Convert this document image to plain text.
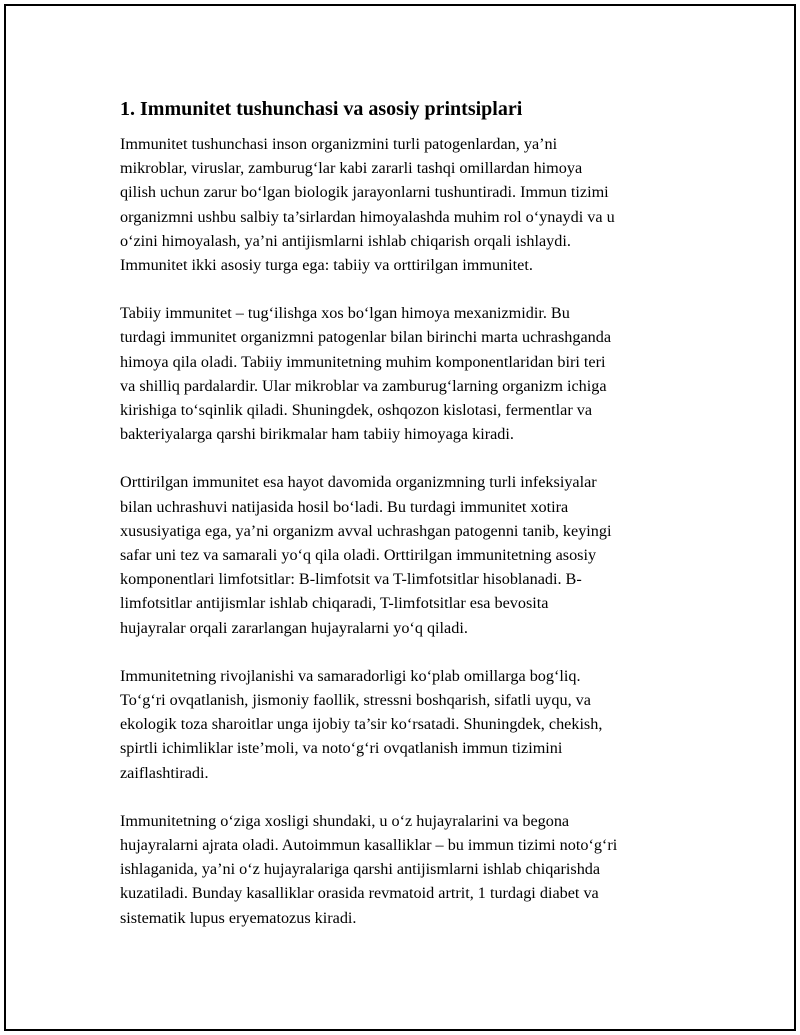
1. Immunitet tushunchasi va asosiy printsiplari

Immunitet tushunchasi inson organizmini turli patogenlardan, ya’ni
mikroblar, viruslar, zamburug‘lar kabi zararli tashqi omillardan himoya
qilish uchun zarur bo‘lgan biologik jarayonlarni tushuntiradi. Immun tizimi
organizmni ushbu salbiy ta’sirlardan himoyalashda muhim rol o‘ynaydi va u
o‘zini himoyalash, ya’ni antijismlarni ishlab chiqarish orqali ishlaydi.
Immunitet ikki asosiy turga ega: tabiiy va orttirilgan immunitet.

Tabiiy immunitet – tug‘ilishga xos bo‘lgan himoya mexanizmidir. Bu
turdagi immunitet organizmni patogenlar bilan birinchi marta uchrashganda
himoya qila oladi. Tabiiy immunitetning muhim komponentlaridan biri teri
va shilliq pardalardir. Ular mikroblar va zamburug‘larning organizm ichiga
kirishiga to‘sqinlik qiladi. Shuningdek, oshqozon kislotasi, fermentlar va
bakteriyalarga qarshi birikmalar ham tabiiy himoyaga kiradi.

Orttirilgan immunitet esa hayot davomida organizmning turli infeksiyalar
bilan uchrashuvi natijasida hosil bo‘ladi. Bu turdagi immunitet xotira
xususiyatiga ega, ya’ni organizm avval uchrashgan patogenni tanib, keyingi
safar uni tez va samarali yo‘q qila oladi. Orttirilgan immunitetning asosiy
komponentlari limfotsitlar: B-limfotsit va T-limfotsitlar hisoblanadi. B-
limfotsitlar antijismlar ishlab chiqaradi, T-limfotsitlar esa bevosita
hujayralar orqali zararlangan hujayralarni yo‘q qiladi.

Immunitetning rivojlanishi va samaradorligi ko‘plab omillarga bog‘liq.
To‘g‘ri ovqatlanish, jismoniy faollik, stressni boshqarish, sifatli uyqu, va
ekologik toza sharoitlar unga ijobiy ta’sir ko‘rsatadi. Shuningdek, chekish,
spirtli ichimliklar iste’moli, va noto‘g‘ri ovqatlanish immun tizimini
zaiflashtiradi.

Immunitetning o‘ziga xosligi shundaki, u o‘z hujayralarini va begona
hujayralarni ajrata oladi. Autoimmun kasalliklar – bu immun tizimi noto‘g‘ri
ishlaganida, ya’ni o‘z hujayralariga qarshi antijismlarni ishlab chiqarishda
kuzatiladi. Bunday kasalliklar orasida revmatoid artrit, 1 turdagi diabet va
sistematik lupus eryematozus kiradi.
